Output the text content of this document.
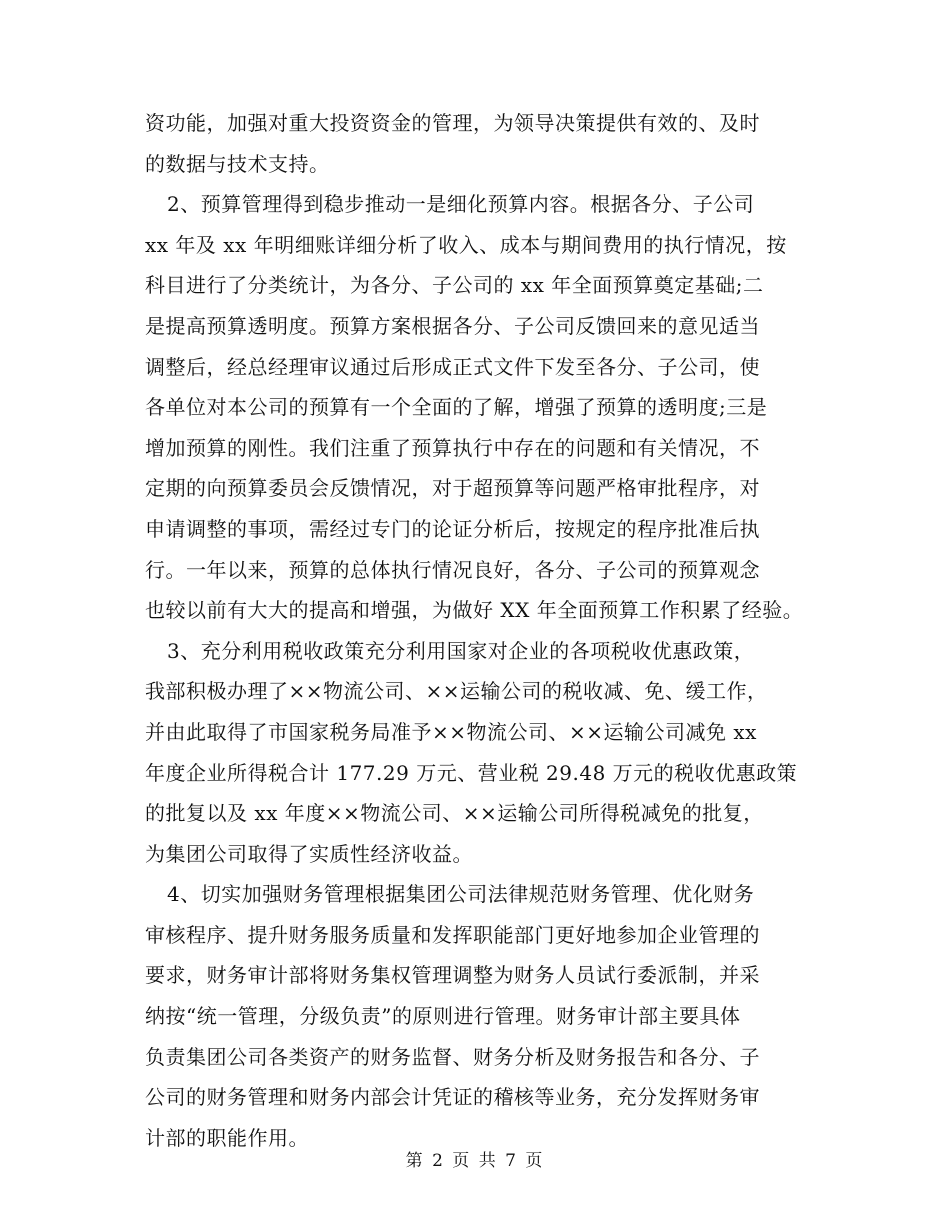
资功能，加强对重大投资资金的管理，为领导决策提供有效的、及时
的数据与技术支持。
2、预算管理得到稳步推动一是细化预算内容。根据各分、子公司
xx 年及 xx 年明细账详细分析了收入、成本与期间费用的执行情况，按
科目进行了分类统计，为各分、子公司的 xx 年全面预算奠定基础;二
是提高预算透明度。预算方案根据各分、子公司反馈回来的意见适当
调整后，经总经理审议通过后形成正式文件下发至各分、子公司，使
各单位对本公司的预算有一个全面的了解，增强了预算的透明度;三是
增加预算的刚性。我们注重了预算执行中存在的问题和有关情况，不
定期的向预算委员会反馈情况，对于超预算等问题严格审批程序，对
申请调整的事项，需经过专门的论证分析后，按规定的程序批准后执
行。一年以来，预算的总体执行情况良好，各分、子公司的预算观念
也较以前有大大的提高和增强，为做好 XX 年全面预算工作积累了经验。
3、充分利用税收政策充分利用国家对企业的各项税收优惠政策，
我部积极办理了××物流公司、××运输公司的税收减、免、缓工作，
并由此取得了市国家税务局准予××物流公司、××运输公司减免 xx
年度企业所得税合计 177.29 万元、营业税 29.48 万元的税收优惠政策
的批复以及 xx 年度××物流公司、××运输公司所得税减免的批复，
为集团公司取得了实质性经济收益。
4、切实加强财务管理根据集团公司法律规范财务管理、优化财务
审核程序、提升财务服务质量和发挥职能部门更好地参加企业管理的
要求，财务审计部将财务集权管理调整为财务人员试行委派制，并采
纳按“统一管理，分级负责”的原则进行管理。财务审计部主要具体
负责集团公司各类资产的财务监督、财务分析及财务报告和各分、子
公司的财务管理和财务内部会计凭证的稽核等业务，充分发挥财务审
计部的职能作用。
第 2 页 共 7 页
